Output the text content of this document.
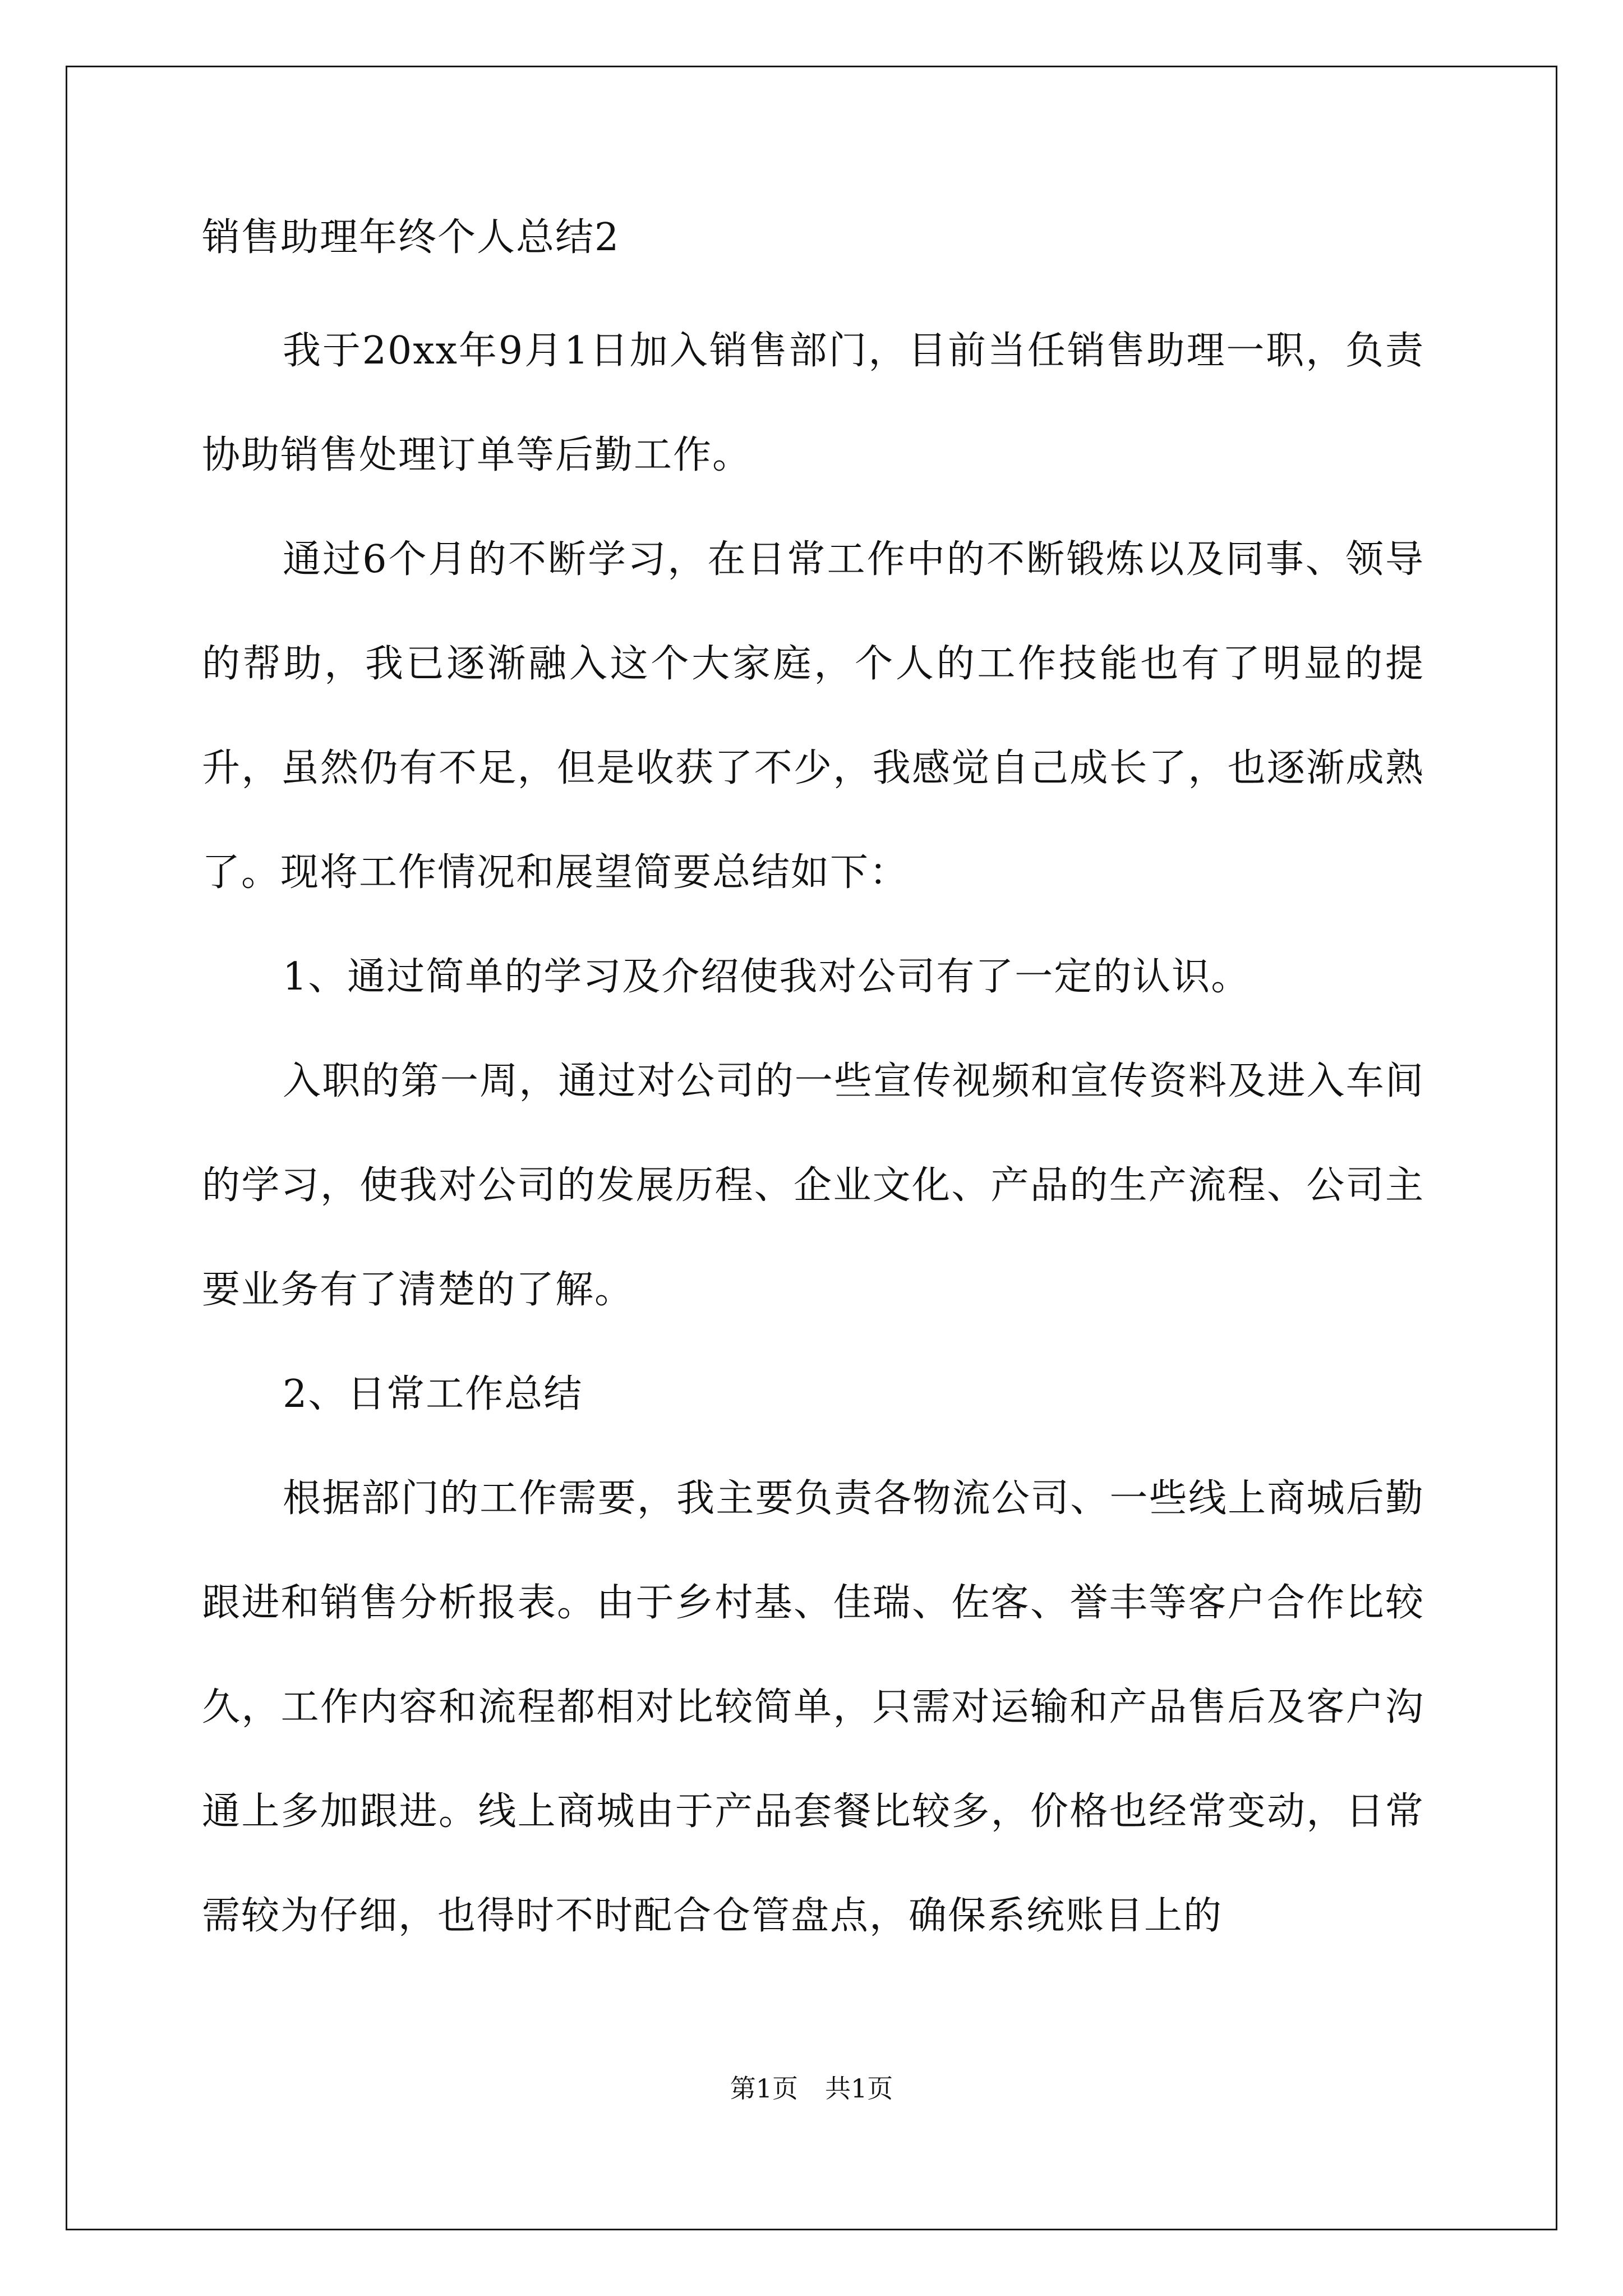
销售助理年终个人总结2

我于20xx年9月1日加入销售部门，目前当任销售助理一职，负责协助销售处理订单等后勤工作。

通过6个月的不断学习，在日常工作中的不断锻炼以及同事、领导的帮助，我已逐渐融入这个大家庭，个人的工作技能也有了明显的提升，虽然仍有不足，但是收获了不少，我感觉自己成长了，也逐渐成熟了。现将工作情况和展望简要总结如下：

1、通过简单的学习及介绍使我对公司有了一定的认识。

入职的第一周，通过对公司的一些宣传视频和宣传资料及进入车间的学习，使我对公司的发展历程、企业文化、产品的生产流程、公司主要业务有了清楚的了解。

2、日常工作总结

根据部门的工作需要，我主要负责各物流公司、一些线上商城后勤跟进和销售分析报表。由于乡村基、佳瑞、佐客、誉丰等客户合作比较久，工作内容和流程都相对比较简单，只需对运输和产品售后及客户沟通上多加跟进。线上商城由于产品套餐比较多，价格也经常变动，日常需较为仔细，也得时不时配合仓管盘点，确保系统账目上的

第1页 共1页
